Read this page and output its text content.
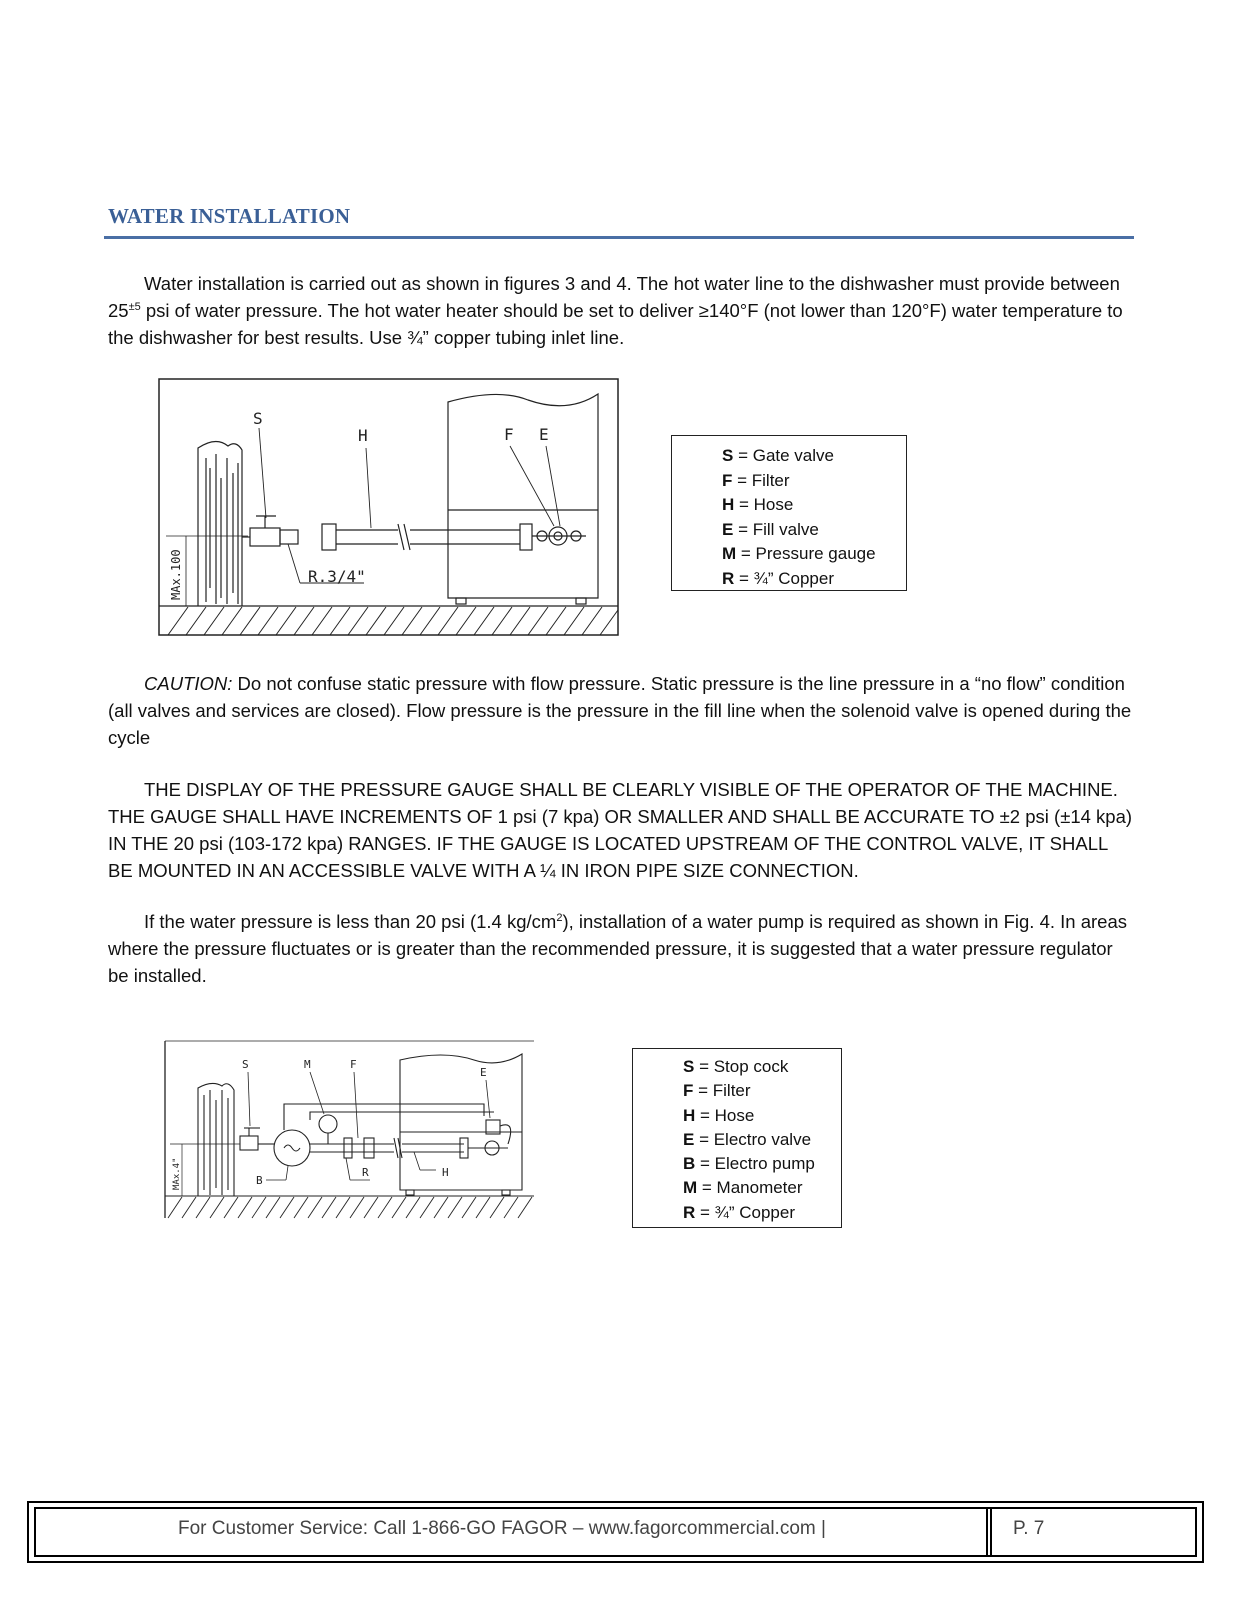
WATER INSTALLATION
Water installation is carried out as shown in figures 3 and 4. The hot water line to the dishwasher must provide between $25^{\pm 5}$ psi of water pressure. The hot water heater should be set to deliver ≥140°F (not lower than 120°F) water temperature to the dishwasher for best results. Use ¾” copper tubing inlet line.
S
H	F E
R.3/4"
MAx.100
S = Gate valve
F = Filter
H = Hose
E = Fill valve
M = Pressure gauge
R = ¾” Copper
CAUTION: Do not confuse static pressure with flow pressure. Static pressure is the line pressure in a “no flow” condition (all valves and services are closed). Flow pressure is the pressure in the fill line when the solenoid valve is opened during the cycle
THE DISPLAY OF THE PRESSURE GAUGE SHALL BE CLEARLY VISIBLE OF THE OPERATOR OF THE MACHINE. THE GAUGE SHALL HAVE INCREMENTS OF 1 psi (7 kpa) OR SMALLER AND SHALL BE ACCURATE TO ±2 psi (±14 kpa) IN THE 20 psi (103-172 kpa) RANGES. IF THE GAUGE IS LOCATED UPSTREAM OF THE CONTROL VALVE, IT SHALL BE MOUNTED IN AN ACCESSIBLE VALVE WITH A ¼ IN IRON PIPE SIZE CONNECTION.
If the water pressure is less than 20 psi (1.4 $kg/cm^2$), installation of a water pump is required as shown in Fig. 4. In areas where the pressure fluctuates or is greater than the recommended pressure, it is suggested that a water pressure regulator be installed.
S	M	F
E
B
R	H
MAx.4"
S = Stop cock
F = Filter
H = Hose
E = Electro valve
B = Electro pump
M = Manometer
R = ¾” Copper
For Customer Service: Call 1-866-GO FAGOR – www.fagorcommercial.com |	P. 7
